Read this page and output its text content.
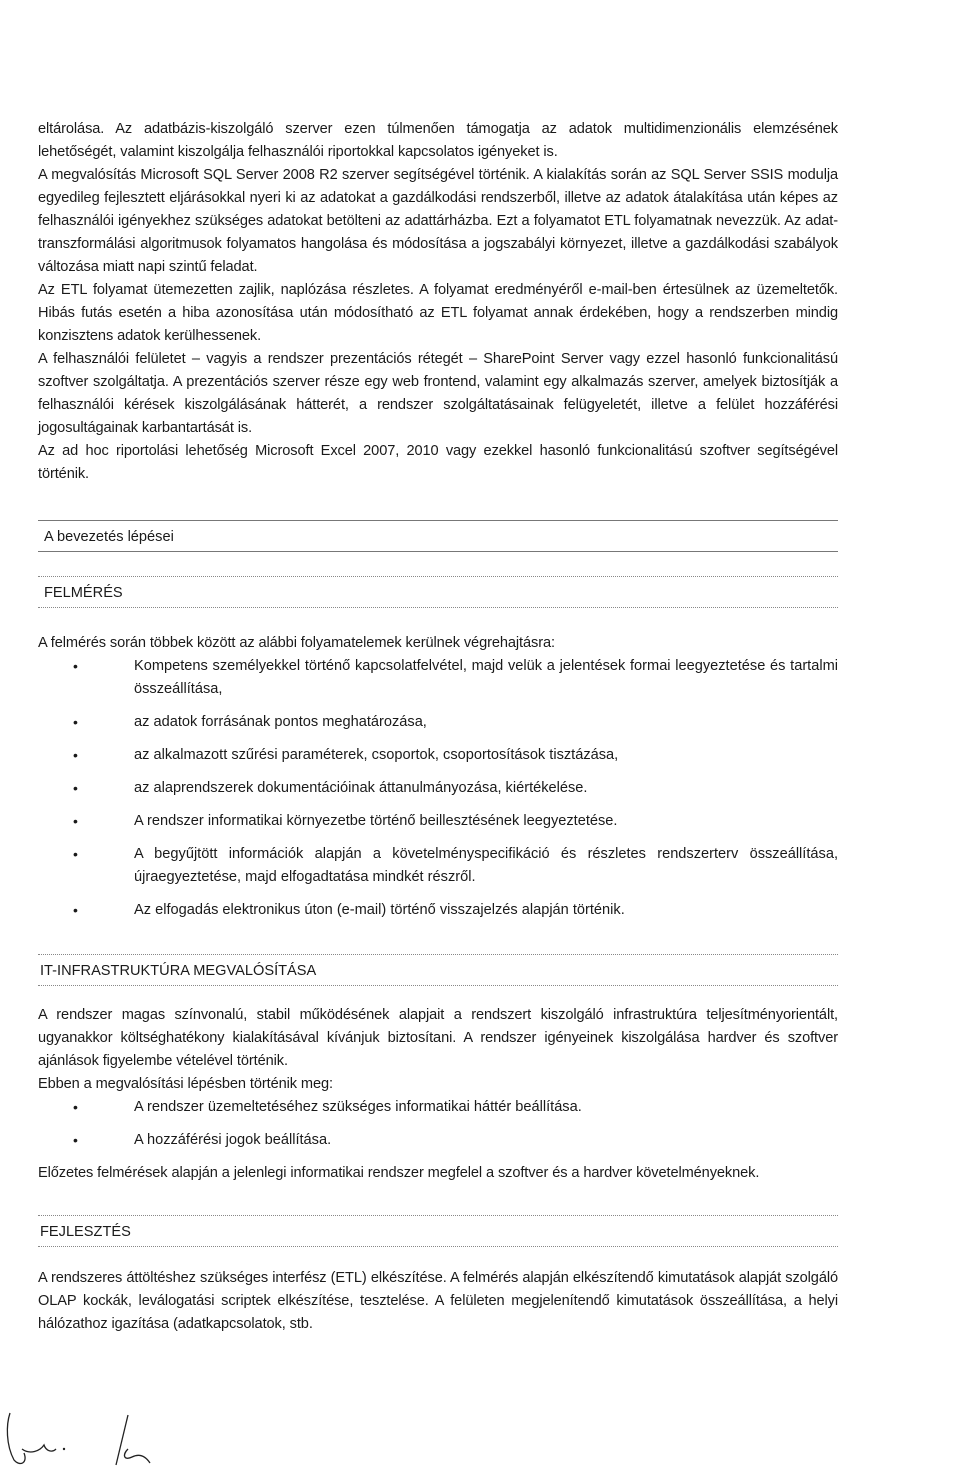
eltárolása. Az adatbázis-kiszolgáló szerver ezen túlmenően támogatja az adatok multidimenzionális elemzésének lehetőségét, valamint kiszolgálja felhasználói riportokkal kapcsolatos igényeket is.

A megvalósítás Microsoft SQL Server 2008 R2 szerver segítségével történik. A kialakítás során az SQL Server SSIS modulja egyedileg fejlesztett eljárásokkal nyeri ki az adatokat a gazdálkodási rendszerből, illetve az adatok átalakítása után képes az felhasználói igényekhez szükséges adatokat betölteni az adattárházba. Ezt a folyamatot ETL folyamatnak nevezzük. Az adat-transzformálási algoritmusok folyamatos hangolása és módosítása a jogszabályi környezet, illetve a gazdálkodási szabályok változása miatt napi szintű feladat.

Az ETL folyamat ütemezetten zajlik, naplózása részletes. A folyamat eredményéről e-mail-ben értesülnek az üzemeltetők. Hibás futás esetén a hiba azonosítása után módosítható az ETL folyamat annak érdekében, hogy a rendszerben mindig konzisztens adatok kerülhessenek.

A felhasználói felületet – vagyis a rendszer prezentációs rétegét – SharePoint Server vagy ezzel hasonló funkcionalitású szoftver szolgáltatja. A prezentációs szerver része egy web frontend, valamint egy alkalmazás szerver, amelyek biztosítják a felhasználói kérések kiszolgálásának hátterét, a rendszer szolgáltatásainak felügyeletét, illetve a felület hozzáférési jogosultágainak karbantartását is.

Az ad hoc riportolási lehetőség Microsoft Excel 2007, 2010 vagy ezekkel hasonló funkcionalitású szoftver segítségével történik.

A bevezetés lépései
FELMÉRÉS

A felmérés során többek között az alábbi folyamatelemek kerülnek végrehajtásra:

•	Kompetens személyekkel történő kapcsolatfelvétel, majd velük a jelentések formai leegyeztetése és tartalmi összeállítása,
•	az adatok forrásának pontos meghatározása,
•	az alkalmazott szűrési paraméterek, csoportok, csoportosítások tisztázása,
•	az alaprendszerek dokumentációinak áttanulmányozása, kiértékelése.
•	A rendszer informatikai környezetbe történő beillesztésének leegyeztetése.
•	A begyűjtött információk alapján a követelményspecifikáció és részletes rendszerterv összeállítása, újraegyeztetése, majd elfogadtatása mindkét részről.
•	Az elfogadás elektronikus úton (e-mail) történő visszajelzés alapján történik.
IT-INFRASTRUKTÚRA MEGVALÓSÍTÁSA

A rendszer magas színvonalú, stabil működésének alapjait a rendszert kiszolgáló infrastruktúra teljesítményorientált, ugyanakkor költséghatékony kialakításával kívánjuk biztosítani. A rendszer igényeinek kiszolgálása hardver és szoftver ajánlások figyelembe vételével történik.

Ebben a megvalósítási lépésben történik meg:

•	A rendszer üzemeltetéséhez szükséges informatikai háttér beállítása.
•	A hozzáférési jogok beállítása.

Előzetes felmérések alapján a jelenlegi informatikai rendszer megfelel a szoftver és a hardver követelményeknek.

FEJLESZTÉS

A rendszeres áttöltéshez szükséges interfész (ETL) elkészítése. A felmérés alapján elkészítendő kimutatások alapját szolgáló OLAP kockák, leválogatási scriptek elkészítése, tesztelése. A felületen megjelenítendő kimutatások összeállítása, a helyi hálózathoz igazítása (adatkapcsolatok, stb.
